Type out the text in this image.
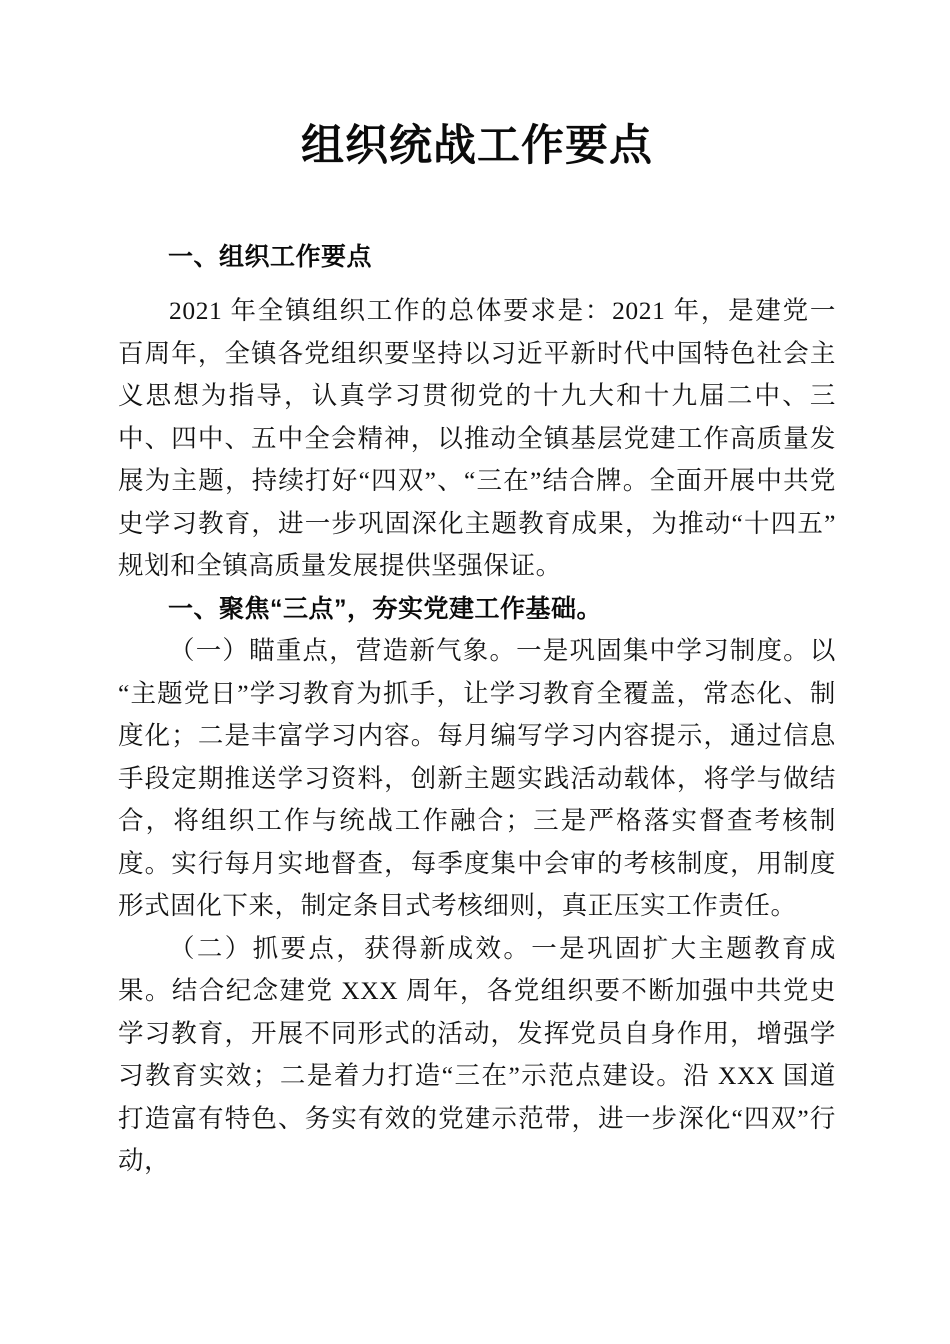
组织统战工作要点
一、组织工作要点

2021 年全镇组织工作的总体要求是：2021 年，是建党一百周年，全镇各党组织要坚持以习近平新时代中国特色社会主义思想为指导，认真学习贯彻党的十九大和十九届二中、三中、四中、五中全会精神，以推动全镇基层党建工作高质量发展为主题，持续打好“四双”、“三在”结合牌。全面开展中共党史学习教育，进一步巩固深化主题教育成果，为推动“十四五”规划和全镇高质量发展提供坚强保证。

一、聚焦“三点”，夯实党建工作基础。

（一）瞄重点，营造新气象。一是巩固集中学习制度。以“主题党日”学习教育为抓手，让学习教育全覆盖，常态化、制度化；二是丰富学习内容。每月编写学习内容提示，通过信息手段定期推送学习资料，创新主题实践活动载体，将学与做结合，将组织工作与统战工作融合；三是严格落实督查考核制度。实行每月实地督查，每季度集中会审的考核制度，用制度形式固化下来，制定条目式考核细则，真正压实工作责任。

（二）抓要点，获得新成效。一是巩固扩大主题教育成果。结合纪念建党 XXX 周年，各党组织要不断加强中共党史学习教育，开展不同形式的活动，发挥党员自身作用，增强学习教育实效；二是着力打造“三在”示范点建设。沿 XXX 国道打造富有特色、务实有效的党建示范带，进一步深化“四双”行动，
